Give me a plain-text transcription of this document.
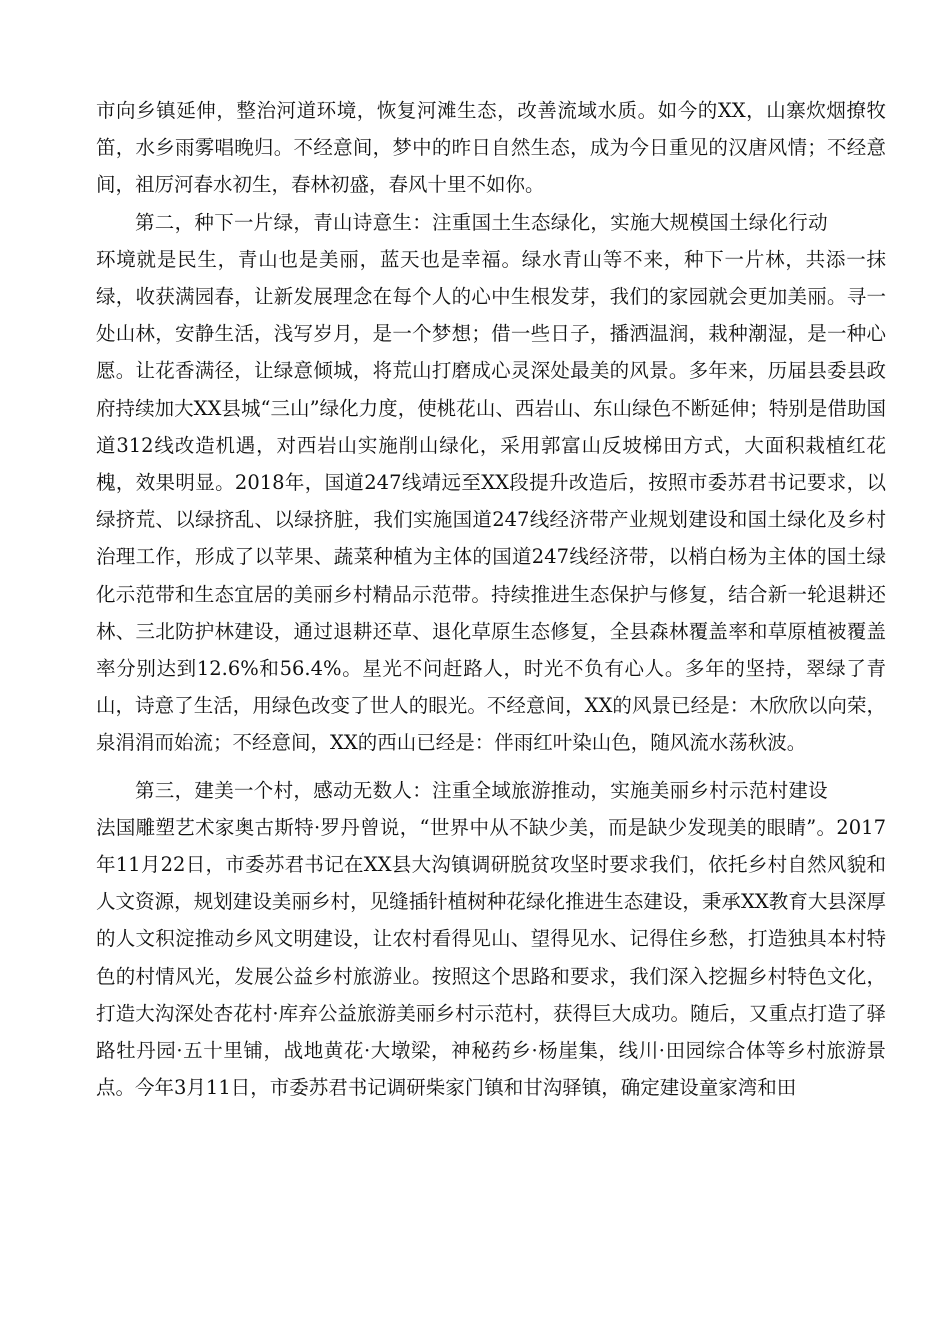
市向乡镇延伸，整治河道环境，恢复河滩生态，改善流域水质。如今的XX，山寨炊烟撩牧笛，水乡雨雾唱晚归。不经意间，梦中的昨日自然生态，成为今日重见的汉唐风情；不经意间，祖厉河春水初生，春林初盛，春风十里不如你。

第二，种下一片绿，青山诗意生：注重国土生态绿化，实施大规模国土绿化行动环境就是民生，青山也是美丽，蓝天也是幸福。绿水青山等不来，种下一片林，共添一抹绿，收获满园春，让新发展理念在每个人的心中生根发芽，我们的家园就会更加美丽。寻一处山林，安静生活，浅写岁月，是一个梦想；借一些日子，播洒温润，栽种潮湿，是一种心愿。让花香满径，让绿意倾城，将荒山打磨成心灵深处最美的风景。多年来，历届县委县政府持续加大XX县城“三山”绿化力度，使桃花山、西岩山、东山绿色不断延伸；特别是借助国道312线改造机遇，对西岩山实施削山绿化，采用郭富山反坡梯田方式，大面积栽植红花槐，效果明显。2018年，国道247线靖远至XX段提升改造后，按照市委苏君书记要求，以绿挤荒、以绿挤乱、以绿挤脏，我们实施国道247线经济带产业规划建设和国土绿化及乡村治理工作，形成了以苹果、蔬菜种植为主体的国道247线经济带，以梢白杨为主体的国土绿化示范带和生态宜居的美丽乡村精品示范带。持续推进生态保护与修复，结合新一轮退耕还林、三北防护林建设，通过退耕还草、退化草原生态修复，全县森林覆盖率和草原植被覆盖率分别达到12.6%和56.4%。星光不问赶路人，时光不负有心人。多年的坚持，翠绿了青山，诗意了生活，用绿色改变了世人的眼光。不经意间，XX的风景已经是：木欣欣以向荣，泉涓涓而始流；不经意间，XX的西山已经是：伴雨红叶染山色，随风流水荡秋波。

第三，建美一个村，感动无数人：注重全域旅游推动，实施美丽乡村示范村建设法国雕塑艺术家奥古斯特·罗丹曾说，“世界中从不缺少美，而是缺少发现美的眼睛”。2017年11月22日，市委苏君书记在XX县大沟镇调研脱贫攻坚时要求我们，依托乡村自然风貌和人文资源，规划建设美丽乡村，见缝插针植树种花绿化推进生态建设，秉承XX教育大县深厚的人文积淀推动乡风文明建设，让农村看得见山、望得见水、记得住乡愁，打造独具本村特色的村情风光，发展公益乡村旅游业。按照这个思路和要求，我们深入挖掘乡村特色文化，打造大沟深处杏花村·库弃公益旅游美丽乡村示范村，获得巨大成功。随后，又重点打造了驿路牡丹园·五十里铺，战地黄花·大墩梁，神秘药乡·杨崖集，线川·田园综合体等乡村旅游景点。今年3月11日，市委苏君书记调研柴家门镇和甘沟驿镇，确定建设童家湾和田
